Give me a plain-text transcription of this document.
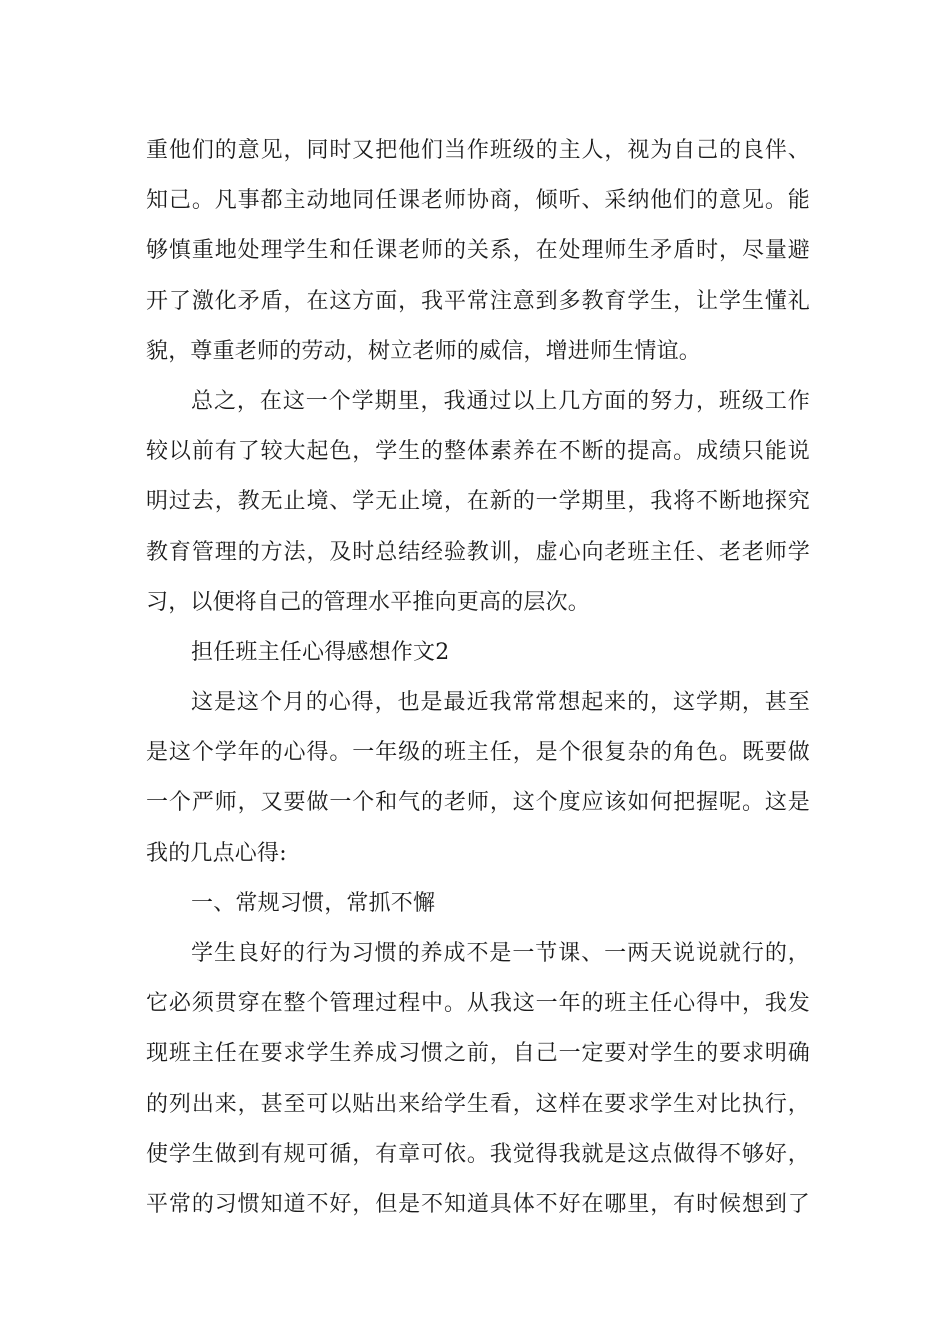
重他们的意见，同时又把他们当作班级的主人，视为自己的良伴、
知己。凡事都主动地同任课老师协商，倾听、采纳他们的意见。能
够慎重地处理学生和任课老师的关系，在处理师生矛盾时，尽量避
开了激化矛盾，在这方面，我平常注意到多教育学生，让学生懂礼
貌，尊重老师的劳动，树立老师的威信，增进师生情谊。
总之，在这一个学期里，我通过以上几方面的努力，班级工作
较以前有了较大起色，学生的整体素养在不断的提高。成绩只能说
明过去，教无止境、学无止境，在新的一学期里，我将不断地探究
教育管理的方法，及时总结经验教训，虚心向老班主任、老老师学
习，以便将自己的管理水平推向更高的层次。
担任班主任心得感想作文2
这是这个月的心得，也是最近我常常想起来的，这学期，甚至
是这个学年的心得。一年级的班主任，是个很复杂的角色。既要做
一个严师，又要做一个和气的老师，这个度应该如何把握呢。这是
我的几点心得:
一、常规习惯，常抓不懈
学生良好的行为习惯的养成不是一节课、一两天说说就行的，
它必须贯穿在整个管理过程中。从我这一年的班主任心得中，我发
现班主任在要求学生养成习惯之前，自己一定要对学生的要求明确
的列出来，甚至可以贴出来给学生看，这样在要求学生对比执行，
使学生做到有规可循，有章可依。我觉得我就是这点做得不够好，
平常的习惯知道不好，但是不知道具体不好在哪里，有时候想到了
